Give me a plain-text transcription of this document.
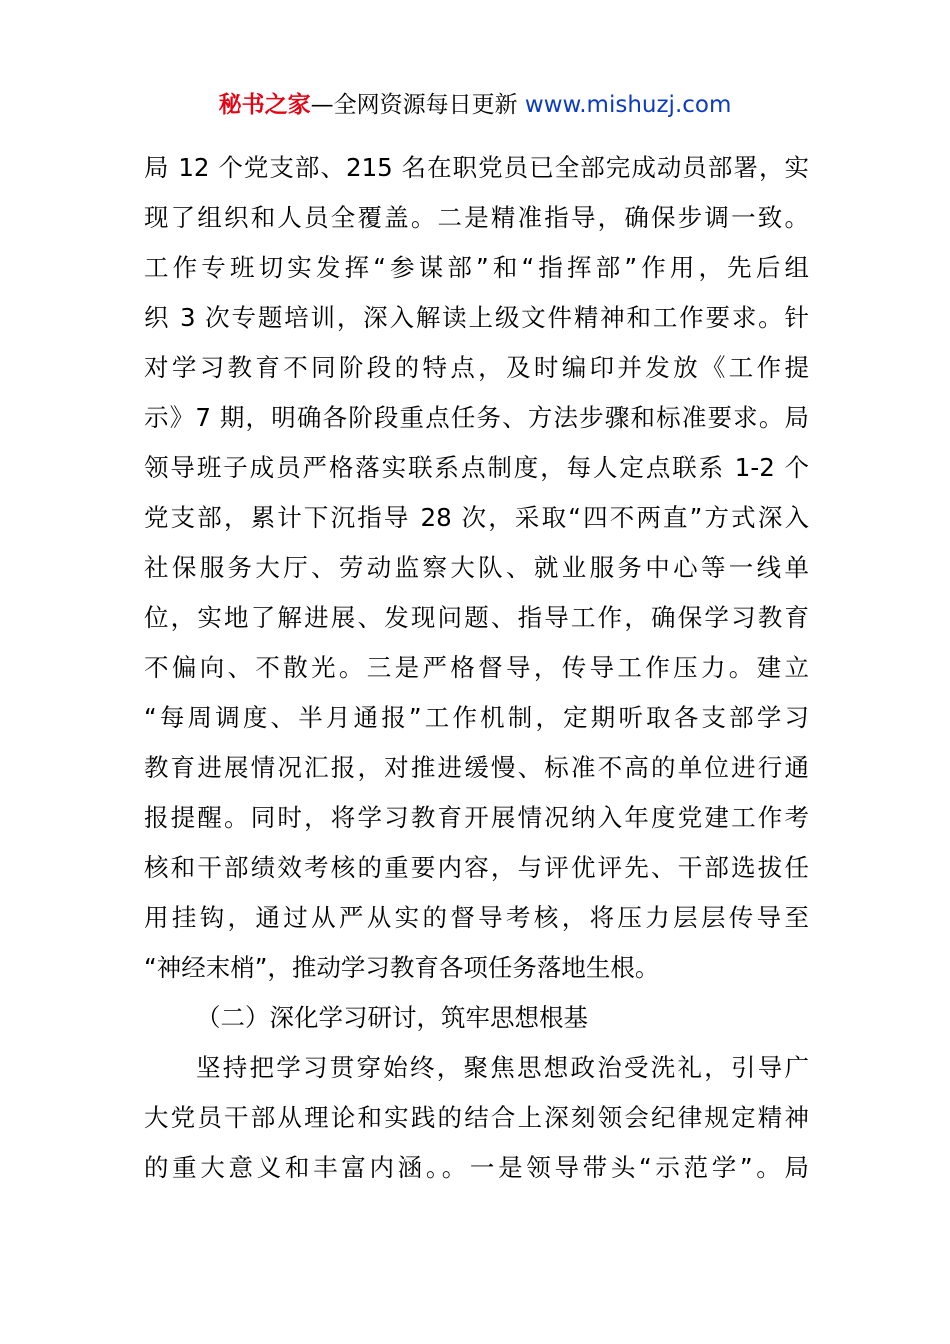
秘书之家—全网资源每日更新 www.mishuzj.com
局 12 个党支部、215 名在职党员已全部完成动员部署，实
现了组织和人员全覆盖。二是精准指导，确保步调一致。
工作专班切实发挥“参谋部”和“指挥部”作用，先后组
织 3 次专题培训，深入解读上级文件精神和工作要求。针
对学习教育不同阶段的特点，及时编印并发放《工作提
示》7 期，明确各阶段重点任务、方法步骤和标准要求。局
领导班子成员严格落实联系点制度，每人定点联系 1-2 个
党支部，累计下沉指导 28 次，采取“四不两直”方式深入
社保服务大厅、劳动监察大队、就业服务中心等一线单
位，实地了解进展、发现问题、指导工作，确保学习教育
不偏向、不散光。三是严格督导，传导工作压力。建立
“每周调度、半月通报”工作机制，定期听取各支部学习
教育进展情况汇报，对推进缓慢、标准不高的单位进行通
报提醒。同时，将学习教育开展情况纳入年度党建工作考
核和干部绩效考核的重要内容，与评优评先、干部选拔任
用挂钩，通过从严从实的督导考核，将压力层层传导至
“神经末梢”，推动学习教育各项任务落地生根。
（二）深化学习研讨，筑牢思想根基
坚持把学习贯穿始终，聚焦思想政治受洗礼，引导广
大党员干部从理论和实践的结合上深刻领会纪律规定精神
的重大意义和丰富内涵。。一是领导带头“示范学”。局
